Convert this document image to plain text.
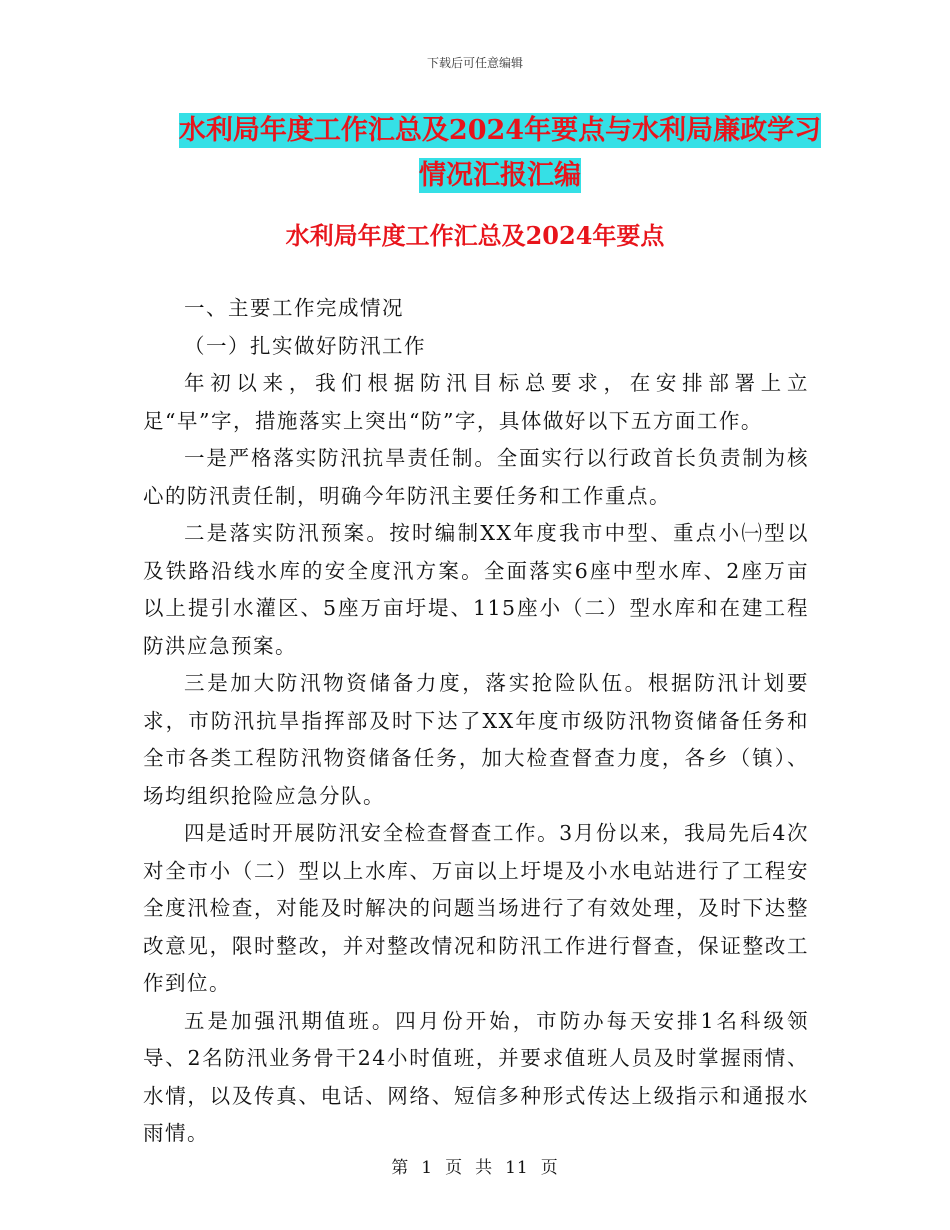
下载后可任意编辑
水利局年度工作汇总及2024年要点与水利局廉政学习
情况汇报汇编
水利局年度工作汇总及2024年要点

一、主要工作完成情况

（一）扎实做好防汛工作

年初以来，我们根据防汛目标总要求，在安排部署上立足“早”字，措施落实上突出“防”字，具体做好以下五方面工作。

一是严格落实防汛抗旱责任制。全面实行以行政首长负责制为核心的防汛责任制，明确今年防汛主要任务和工作重点。

二是落实防汛预案。按时编制XX年度我市中型、重点小㈠型以及铁路沿线水库的安全度汛方案。全面落实6座中型水库、2座万亩以上提引水灌区、5座万亩圩堤、115座小（二）型水库和在建工程防洪应急预案。

三是加大防汛物资储备力度，落实抢险队伍。根据防汛计划要求，市防汛抗旱指挥部及时下达了XX年度市级防汛物资储备任务和全市各类工程防汛物资储备任务，加大检查督查力度，各乡（镇）、场均组织抢险应急分队。

四是适时开展防汛安全检查督查工作。3月份以来，我局先后4次对全市小（二）型以上水库、万亩以上圩堤及小水电站进行了工程安全度汛检查，对能及时解决的问题当场进行了有效处理，及时下达整改意见，限时整改，并对整改情况和防汛工作进行督查，保证整改工作到位。

五是加强汛期值班。四月份开始，市防办每天安排1名科级领导、2名防汛业务骨干24小时值班，并要求值班人员及时掌握雨情、水情，以及传真、电话、网络、短信多种形式传达上级指示和通报水雨情。

第 1 页 共 11 页
